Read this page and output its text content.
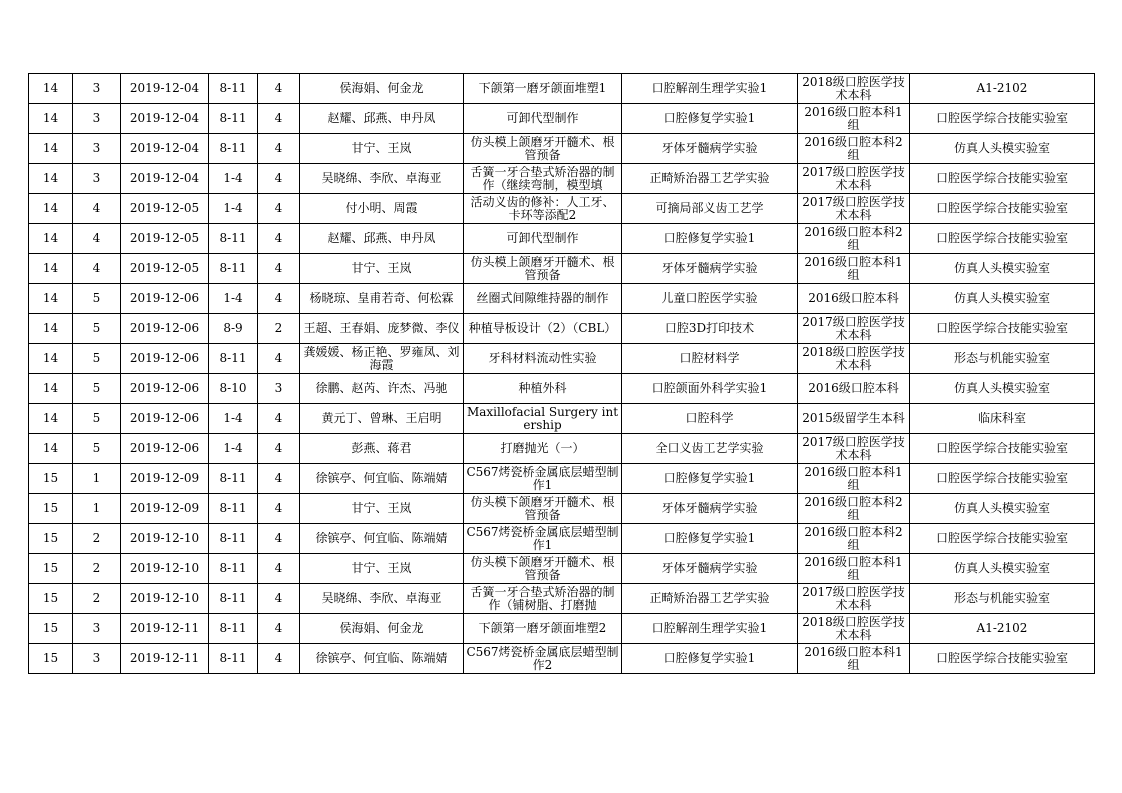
14	3	2019-12-04	8-11	4	侯海娟、何金龙	下颌第一磨牙颌面堆塑1	口腔解剖生理学实验1	2018级口腔医学技术本科	A1-2102

14	3	2019-12-04	8-11	4	赵耀、邱燕、申丹凤	可卸代型制作	口腔修复学实验1	2016级口腔本科1组	口腔医学综合技能实验室

14	3	2019-12-04	8-11	4	甘宁、王岚	仿头模上颌磨牙开髓术、根管预备	牙体牙髓病学实验	2016级口腔本科2组	仿真人头模实验室

14	3	2019-12-04	1-4	4	吴晓绵、李欣、卓海亚	舌簧一牙合垫式矫治器的制作（继续弯制，模型填	正畸矫治器工艺学实验	2017级口腔医学技术本科	口腔医学综合技能实验室

14	4	2019-12-05	1-4	4	付小明、周霞	活动义齿的修补：人工牙、卡环等添配2	可摘局部义齿工艺学	2017级口腔医学技术本科	口腔医学综合技能实验室

14	4	2019-12-05	8-11	4	赵耀、邱燕、申丹凤	可卸代型制作	口腔修复学实验1	2016级口腔本科2组	口腔医学综合技能实验室

14	4	2019-12-05	8-11	4	甘宁、王岚	仿头模上颌磨牙开髓术、根管预备	牙体牙髓病学实验	2016级口腔本科1组	仿真人头模实验室

14	5	2019-12-06	1-4	4	杨晓琼、皇甫若奇、何松霖	丝圈式间隙维持器的制作	儿童口腔医学实验	2016级口腔本科	仿真人头模实验室

14	5	2019-12-06	8-9	2	王超、王春娟、庞梦微、李仪	种植导板设计（2）（CBL）	口腔3D打印技术	2017级口腔医学技术本科	口腔医学综合技能实验室

14	5	2019-12-06	8-11	4	龚媛媛、杨正艳、罗雍凤、刘海霞	牙科材料流动性实验	口腔材料学	2018级口腔医学技术本科	形态与机能实验室

14	5	2019-12-06	8-10	3	徐鹏、赵芮、许杰、冯驰	种植外科	口腔颌面外科学实验1	2016级口腔本科	仿真人头模实验室

14	5	2019-12-06	1-4	4	黄元丁、曾琳、王启明	Maxillofacial Surgery intership	口腔科学	2015级留学生本科	临床科室

14	5	2019-12-06	1-4	4	彭燕、蒋君	打磨抛光（一）	全口义齿工艺学实验	2017级口腔医学技术本科	口腔医学综合技能实验室

15	1	2019-12-09	8-11	4	徐镔亭、何宜临、陈端婧	C567烤瓷桥金属底层蜡型制作1	口腔修复学实验1	2016级口腔本科1组	口腔医学综合技能实验室

15	1	2019-12-09	8-11	4	甘宁、王岚	仿头模下颌磨牙开髓术、根管预备	牙体牙髓病学实验	2016级口腔本科2组	仿真人头模实验室

15	2	2019-12-10	8-11	4	徐镔亭、何宜临、陈端婧	C567烤瓷桥金属底层蜡型制作1	口腔修复学实验1	2016级口腔本科2组	口腔医学综合技能实验室

15	2	2019-12-10	8-11	4	甘宁、王岚	仿头模下颌磨牙开髓术、根管预备	牙体牙髓病学实验	2016级口腔本科1组	仿真人头模实验室

15	2	2019-12-10	8-11	4	吴晓绵、李欣、卓海亚	舌簧一牙合垫式矫治器的制作（铺树脂、打磨抛	正畸矫治器工艺学实验	2017级口腔医学技术本科	形态与机能实验室

15	3	2019-12-11	8-11	4	侯海娟、何金龙	下颌第一磨牙颌面堆塑2	口腔解剖生理学实验1	2018级口腔医学技术本科	A1-2102

15	3	2019-12-11	8-11	4	徐镔亭、何宜临、陈端婧	C567烤瓷桥金属底层蜡型制作2	口腔修复学实验1	2016级口腔本科1组	口腔医学综合技能实验室
